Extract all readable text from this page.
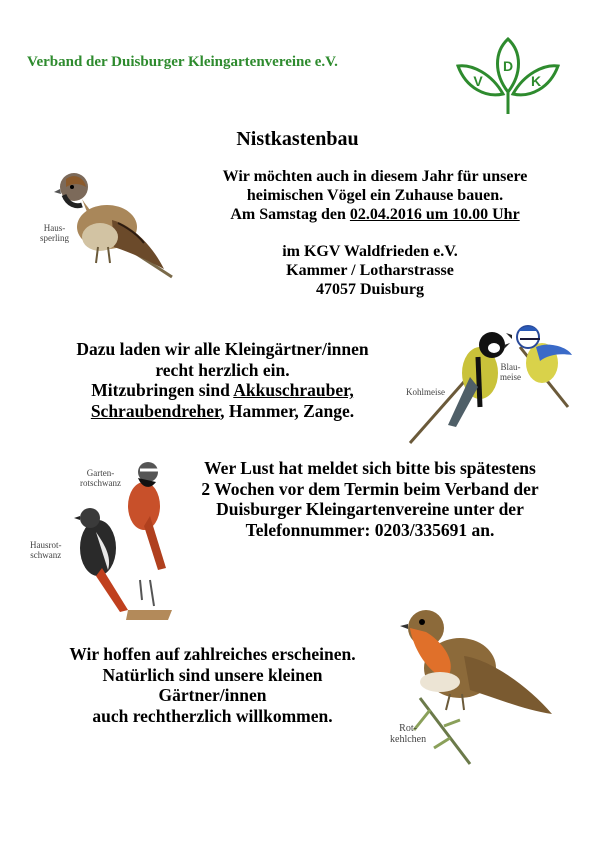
Verband der Duisburger Kleingartenvereine e.V.	D
V	K
Nistkastenbau
Haus-
sperling
Wir möchten auch in diesem Jahr für unsere
heimischen Vögel ein Zuhause bauen.
Am Samstag den 02.04.2016 um 10.00 Uhr
im KGV Waldfrieden e.V.
Kammer / Lotharstrasse
47057 Duisburg
Dazu laden wir alle Kleingärtner/innen
recht herzlich ein.
Mitzubringen sind Akkuschrauber,
Schraubendreher, Hammer, Zange.
Kohlmeise
Blau-
meise
Garten-
rotschwanz
Hausrot-
schwanz
Wer Lust hat meldet sich bitte bis spätestens
2 Wochen vor dem Termin beim Verband der
Duisburger Kleingartenvereine unter der
Telefonnummer: 0203/335691 an.
Wir hoffen auf zahlreiches erscheinen.
Natürlich sind unsere kleinen
Gärtner/innen
auch rechtherzlich willkommen.
Rot-
kehlchen
